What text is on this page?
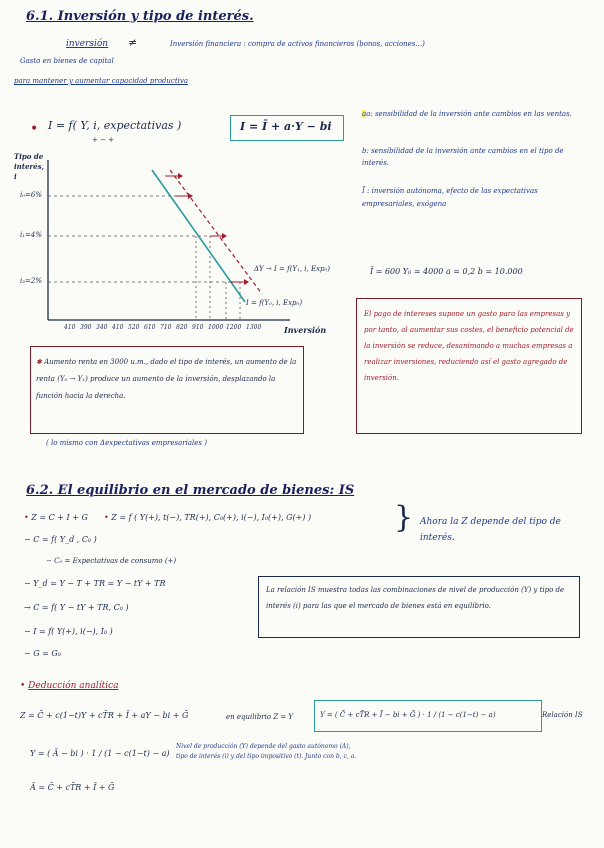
6.1. Inversión y tipo de interés.
inversión ≠	Inversión financiera : compra de activos financieros (bonos, acciones...)
Gasto en bienes de capital
para mantener y aumentar capacidad productiva
• I = f( Y, i, expectativas )
+ − +
I = Ī + a·Y − bi
aa: sensibilidad de la inversión ante cambios en las ventas.
b: sensibilidad de la inversión ante cambios en el tipo de interés.
Ī : inversión autónoma, efecto de las expectativas empresariales, exógena
Tipo de interés, i
i₀=6%
i₁=4%
i₂=2%
410 390 340 410 520 610 710 820 910 1000 1200 1300	Inversión
ΔY → I = f(Y₁, i, Exp₀)
I = f(Y₀, i, Exp₀)
Ī = 600 Y₀ = 4000 a = 0,2 b = 10.000
El pago de intereses supone un gasto para las empresas y por tanto, al aumentar sus costes, el beneficio potencial de la inversión se reduce, desanimando a muchas empresas a realizar inversiones, reduciendo así el gasto agregado de inversión.
✱ Aumento renta en 3000 u.m., dado el tipo de interés, un aumento de la renta (Y₀ → Y₁) produce un aumento de la inversión, desplazando la función hacia la derecha.
( lo mismo con Δexpectativas empresariales )
6.2. El equilibrio en el mercado de bienes: IS
• Z = C + I + G • Z = f ( Y(+), t(−), TR(+), C₀(+), i(−), I₀(+), G(+) )	} Ahora la Z depende del tipo de interés.
− C = f( Y_d , C₀ )
− C₀ = Expectativas de consumo (+)
− Y_d = Y − T + TR = Y − tY + TR
→ C = f( Y − tY + TR, C₀ )
− I = f( Y(+), i(−), I₀ )
− G = G₀
La relación IS muestra todas las combinaciones de nivel de producción (Y) y tipo de interés (i) para las que el mercado de bienes está en equilibrio.
• Deducción analítica
Z = C̄ + c(1−t)Y + cT̄R + Ī + aY − bi + Ḡ	en equilibrio Z = Y	Y = ( C̄ + cT̄R + Ī − bi + Ḡ ) · 1 / (1 − c(1−t) − a)	Relación IS
Y = ( Ā − bi ) · 1 / (1 − c(1−t) − a)
Nivel de producción (Y) depende del gasto autónomo (A), tipo de interés (i) y del tipo impositivo (t). Junto con b, c, a.
Ā = C̄ + cT̄R + Ī + Ḡ
